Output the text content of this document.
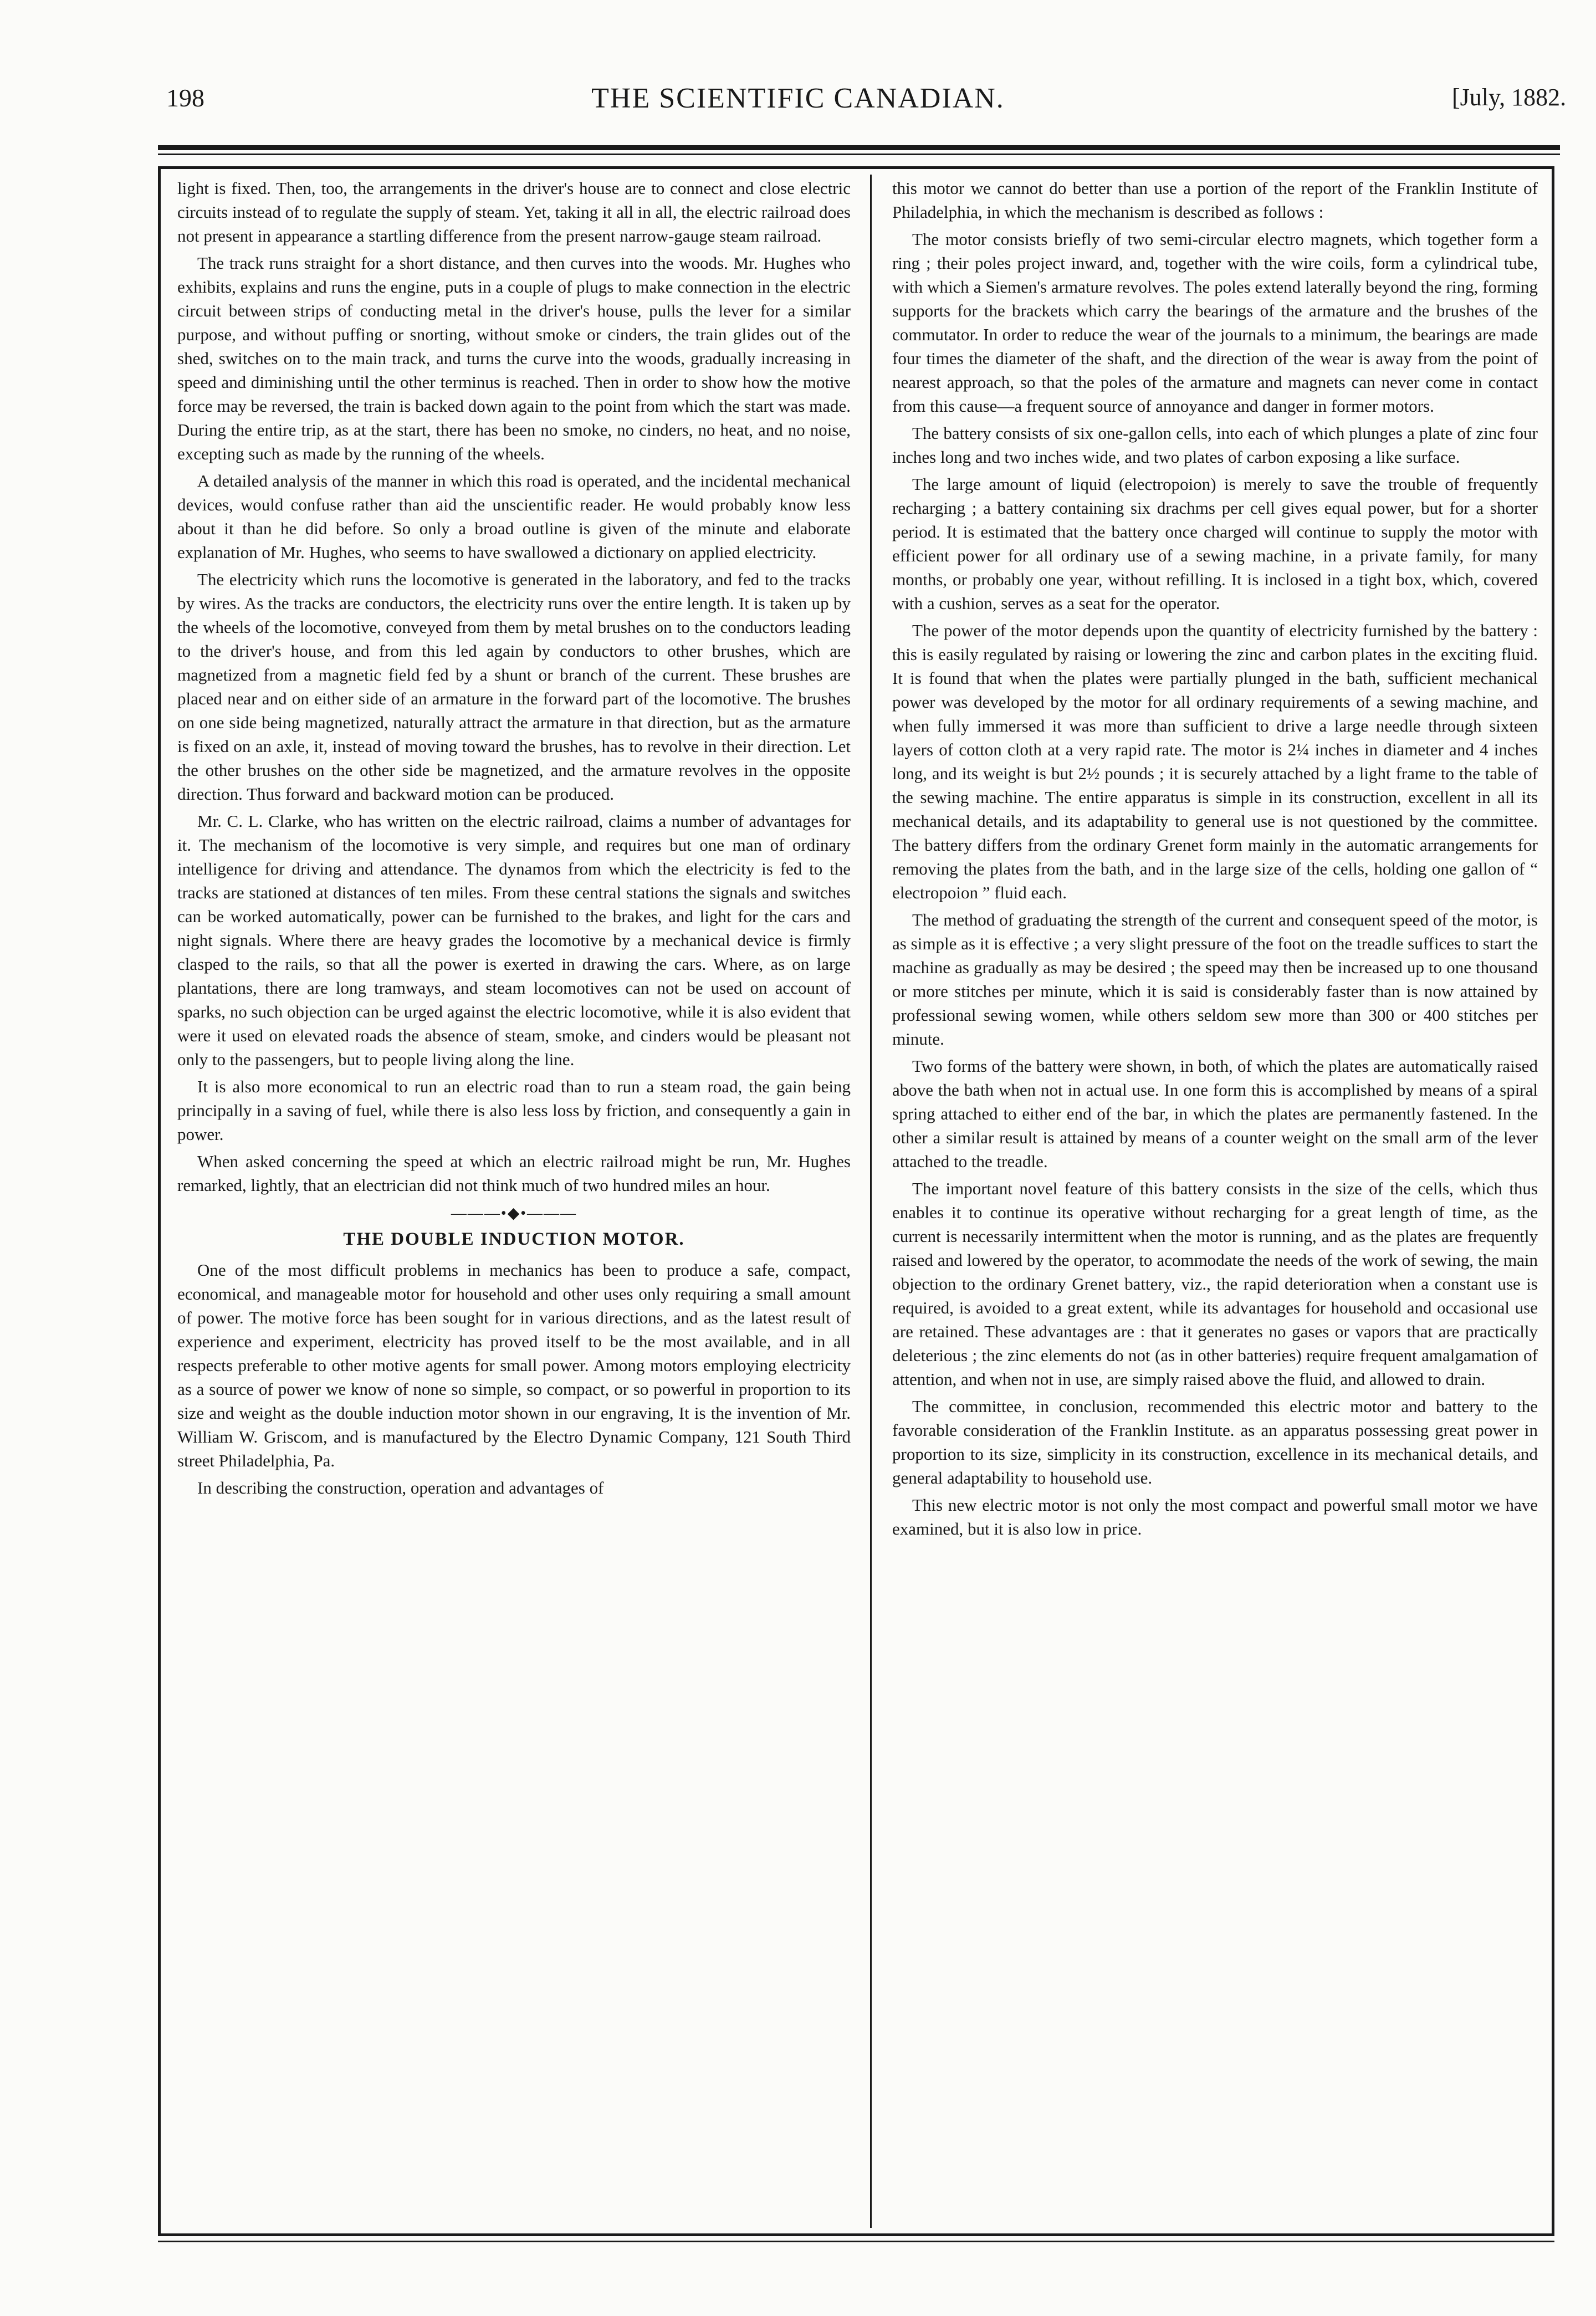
198	THE SCIENTIFIC CANADIAN.	[July, 1882.

light is fixed. Then, too, the arrangements in the driver's house are to connect and close electric circuits instead of to regulate the supply of steam. Yet, taking it all in all, the electric railroad does not present in appearance a startling difference from the present narrow-gauge steam railroad.

The track runs straight for a short distance, and then curves into the woods. Mr. Hughes who exhibits, explains and runs the engine, puts in a couple of plugs to make connection in the electric circuit between strips of conducting metal in the driver's house, pulls the lever for a similar purpose, and without puffing or snorting, without smoke or cinders, the train glides out of the shed, switches on to the main track, and turns the curve into the woods, gradually increasing in speed and diminishing until the other terminus is reached. Then in order to show how the motive force may be reversed, the train is backed down again to the point from which the start was made. During the entire trip, as at the start, there has been no smoke, no cinders, no heat, and no noise, excepting such as made by the running of the wheels.

A detailed analysis of the manner in which this road is operated, and the incidental mechanical devices, would confuse rather than aid the unscientific reader. He would probably know less about it than he did before. So only a broad outline is given of the minute and elaborate explanation of Mr. Hughes, who seems to have swallowed a dictionary on applied electricity.

The electricity which runs the locomotive is generated in the laboratory, and fed to the tracks by wires. As the tracks are conductors, the electricity runs over the entire length. It is taken up by the wheels of the locomotive, conveyed from them by metal brushes on to the conductors leading to the driver's house, and from this led again by conductors to other brushes, which are magnetized from a magnetic field fed by a shunt or branch of the current. These brushes are placed near and on either side of an armature in the forward part of the locomotive. The brushes on one side being magnetized, naturally attract the armature in that direction, but as the armature is fixed on an axle, it, instead of moving toward the brushes, has to revolve in their direction. Let the other brushes on the other side be magnetized, and the armature revolves in the opposite direction. Thus forward and backward motion can be produced.

Mr. C. L. Clarke, who has written on the electric railroad, claims a number of advantages for it. The mechanism of the locomotive is very simple, and requires but one man of ordinary intelligence for driving and attendance. The dynamos from which the electricity is fed to the tracks are stationed at distances of ten miles. From these central stations the signals and switches can be worked automatically, power can be furnished to the brakes, and light for the cars and night signals. Where there are heavy grades the locomotive by a mechanical device is firmly clasped to the rails, so that all the power is exerted in drawing the cars. Where, as on large plantations, there are long tramways, and steam locomotives can not be used on account of sparks, no such objection can be urged against the electric locomotive, while it is also evident that were it used on elevated roads the absence of steam, smoke, and cinders would be pleasant not only to the passengers, but to people living along the line.

It is also more economical to run an electric road than to run a steam road, the gain being principally in a saving of fuel, while there is also less loss by friction, and consequently a gain in power.

When asked concerning the speed at which an electric railroad might be run, Mr. Hughes remarked, lightly, that an electrician did not think much of two hundred miles an hour.

———•◆•———
THE DOUBLE INDUCTION MOTOR.

One of the most difficult problems in mechanics has been to produce a safe, compact, economical, and manageable motor for household and other uses only requiring a small amount of power. The motive force has been sought for in various directions, and as the latest result of experience and experiment, electricity has proved itself to be the most available, and in all respects preferable to other motive agents for small power. Among motors employing electricity as a source of power we know of none so simple, so compact, or so powerful in proportion to its size and weight as the double induction motor shown in our engraving, It is the invention of Mr. William W. Griscom, and is manufactured by the Electro Dynamic Company, 121 South Third street Philadelphia, Pa.

In describing the construction, operation and advantages of

this motor we cannot do better than use a portion of the report of the Franklin Institute of Philadelphia, in which the mechanism is described as follows :

The motor consists briefly of two semi-circular electro magnets, which together form a ring ; their poles project inward, and, together with the wire coils, form a cylindrical tube, with which a Siemen's armature revolves. The poles extend laterally beyond the ring, forming supports for the brackets which carry the bearings of the armature and the brushes of the commutator. In order to reduce the wear of the journals to a minimum, the bearings are made four times the diameter of the shaft, and the direction of the wear is away from the point of nearest approach, so that the poles of the armature and magnets can never come in contact from this cause—a frequent source of annoyance and danger in former motors.

The battery consists of six one-gallon cells, into each of which plunges a plate of zinc four inches long and two inches wide, and two plates of carbon exposing a like surface.

The large amount of liquid (electropoion) is merely to save the trouble of frequently recharging ; a battery containing six drachms per cell gives equal power, but for a shorter period. It is estimated that the battery once charged will continue to supply the motor with efficient power for all ordinary use of a sewing machine, in a private family, for many months, or probably one year, without refilling. It is inclosed in a tight box, which, covered with a cushion, serves as a seat for the operator.

The power of the motor depends upon the quantity of electricity furnished by the battery : this is easily regulated by raising or lowering the zinc and carbon plates in the exciting fluid. It is found that when the plates were partially plunged in the bath, sufficient mechanical power was developed by the motor for all ordinary requirements of a sewing machine, and when fully immersed it was more than sufficient to drive a large needle through sixteen layers of cotton cloth at a very rapid rate. The motor is 2¼ inches in diameter and 4 inches long, and its weight is but 2½ pounds ; it is securely attached by a light frame to the table of the sewing machine. The entire apparatus is simple in its construction, excellent in all its mechanical details, and its adaptability to general use is not questioned by the committee. The battery differs from the ordinary Grenet form mainly in the automatic arrangements for removing the plates from the bath, and in the large size of the cells, holding one gallon of “ electropoion ” fluid each.

The method of graduating the strength of the current and consequent speed of the motor, is as simple as it is effective ; a very slight pressure of the foot on the treadle suffices to start the machine as gradually as may be desired ; the speed may then be increased up to one thousand or more stitches per minute, which it is said is considerably faster than is now attained by professional sewing women, while others seldom sew more than 300 or 400 stitches per minute.

Two forms of the battery were shown, in both, of which the plates are automatically raised above the bath when not in actual use. In one form this is accomplished by means of a spiral spring attached to either end of the bar, in which the plates are permanently fastened. In the other a similar result is attained by means of a counter weight on the small arm of the lever attached to the treadle.

The important novel feature of this battery consists in the size of the cells, which thus enables it to continue its operative without recharging for a great length of time, as the current is necessarily intermittent when the motor is running, and as the plates are frequently raised and lowered by the operator, to acommodate the needs of the work of sewing, the main objection to the ordinary Grenet battery, viz., the rapid deterioration when a constant use is required, is avoided to a great extent, while its advantages for household and occasional use are retained. These advantages are : that it generates no gases or vapors that are practically deleterious ; the zinc elements do not (as in other batteries) require frequent amalgamation of attention, and when not in use, are simply raised above the fluid, and allowed to drain.

The committee, in conclusion, recommended this electric motor and battery to the favorable consideration of the Franklin Institute. as an apparatus possessing great power in proportion to its size, simplicity in its construction, excellence in its mechanical details, and general adaptability to household use.

This new electric motor is not only the most compact and powerful small motor we have examined, but it is also low in price.
